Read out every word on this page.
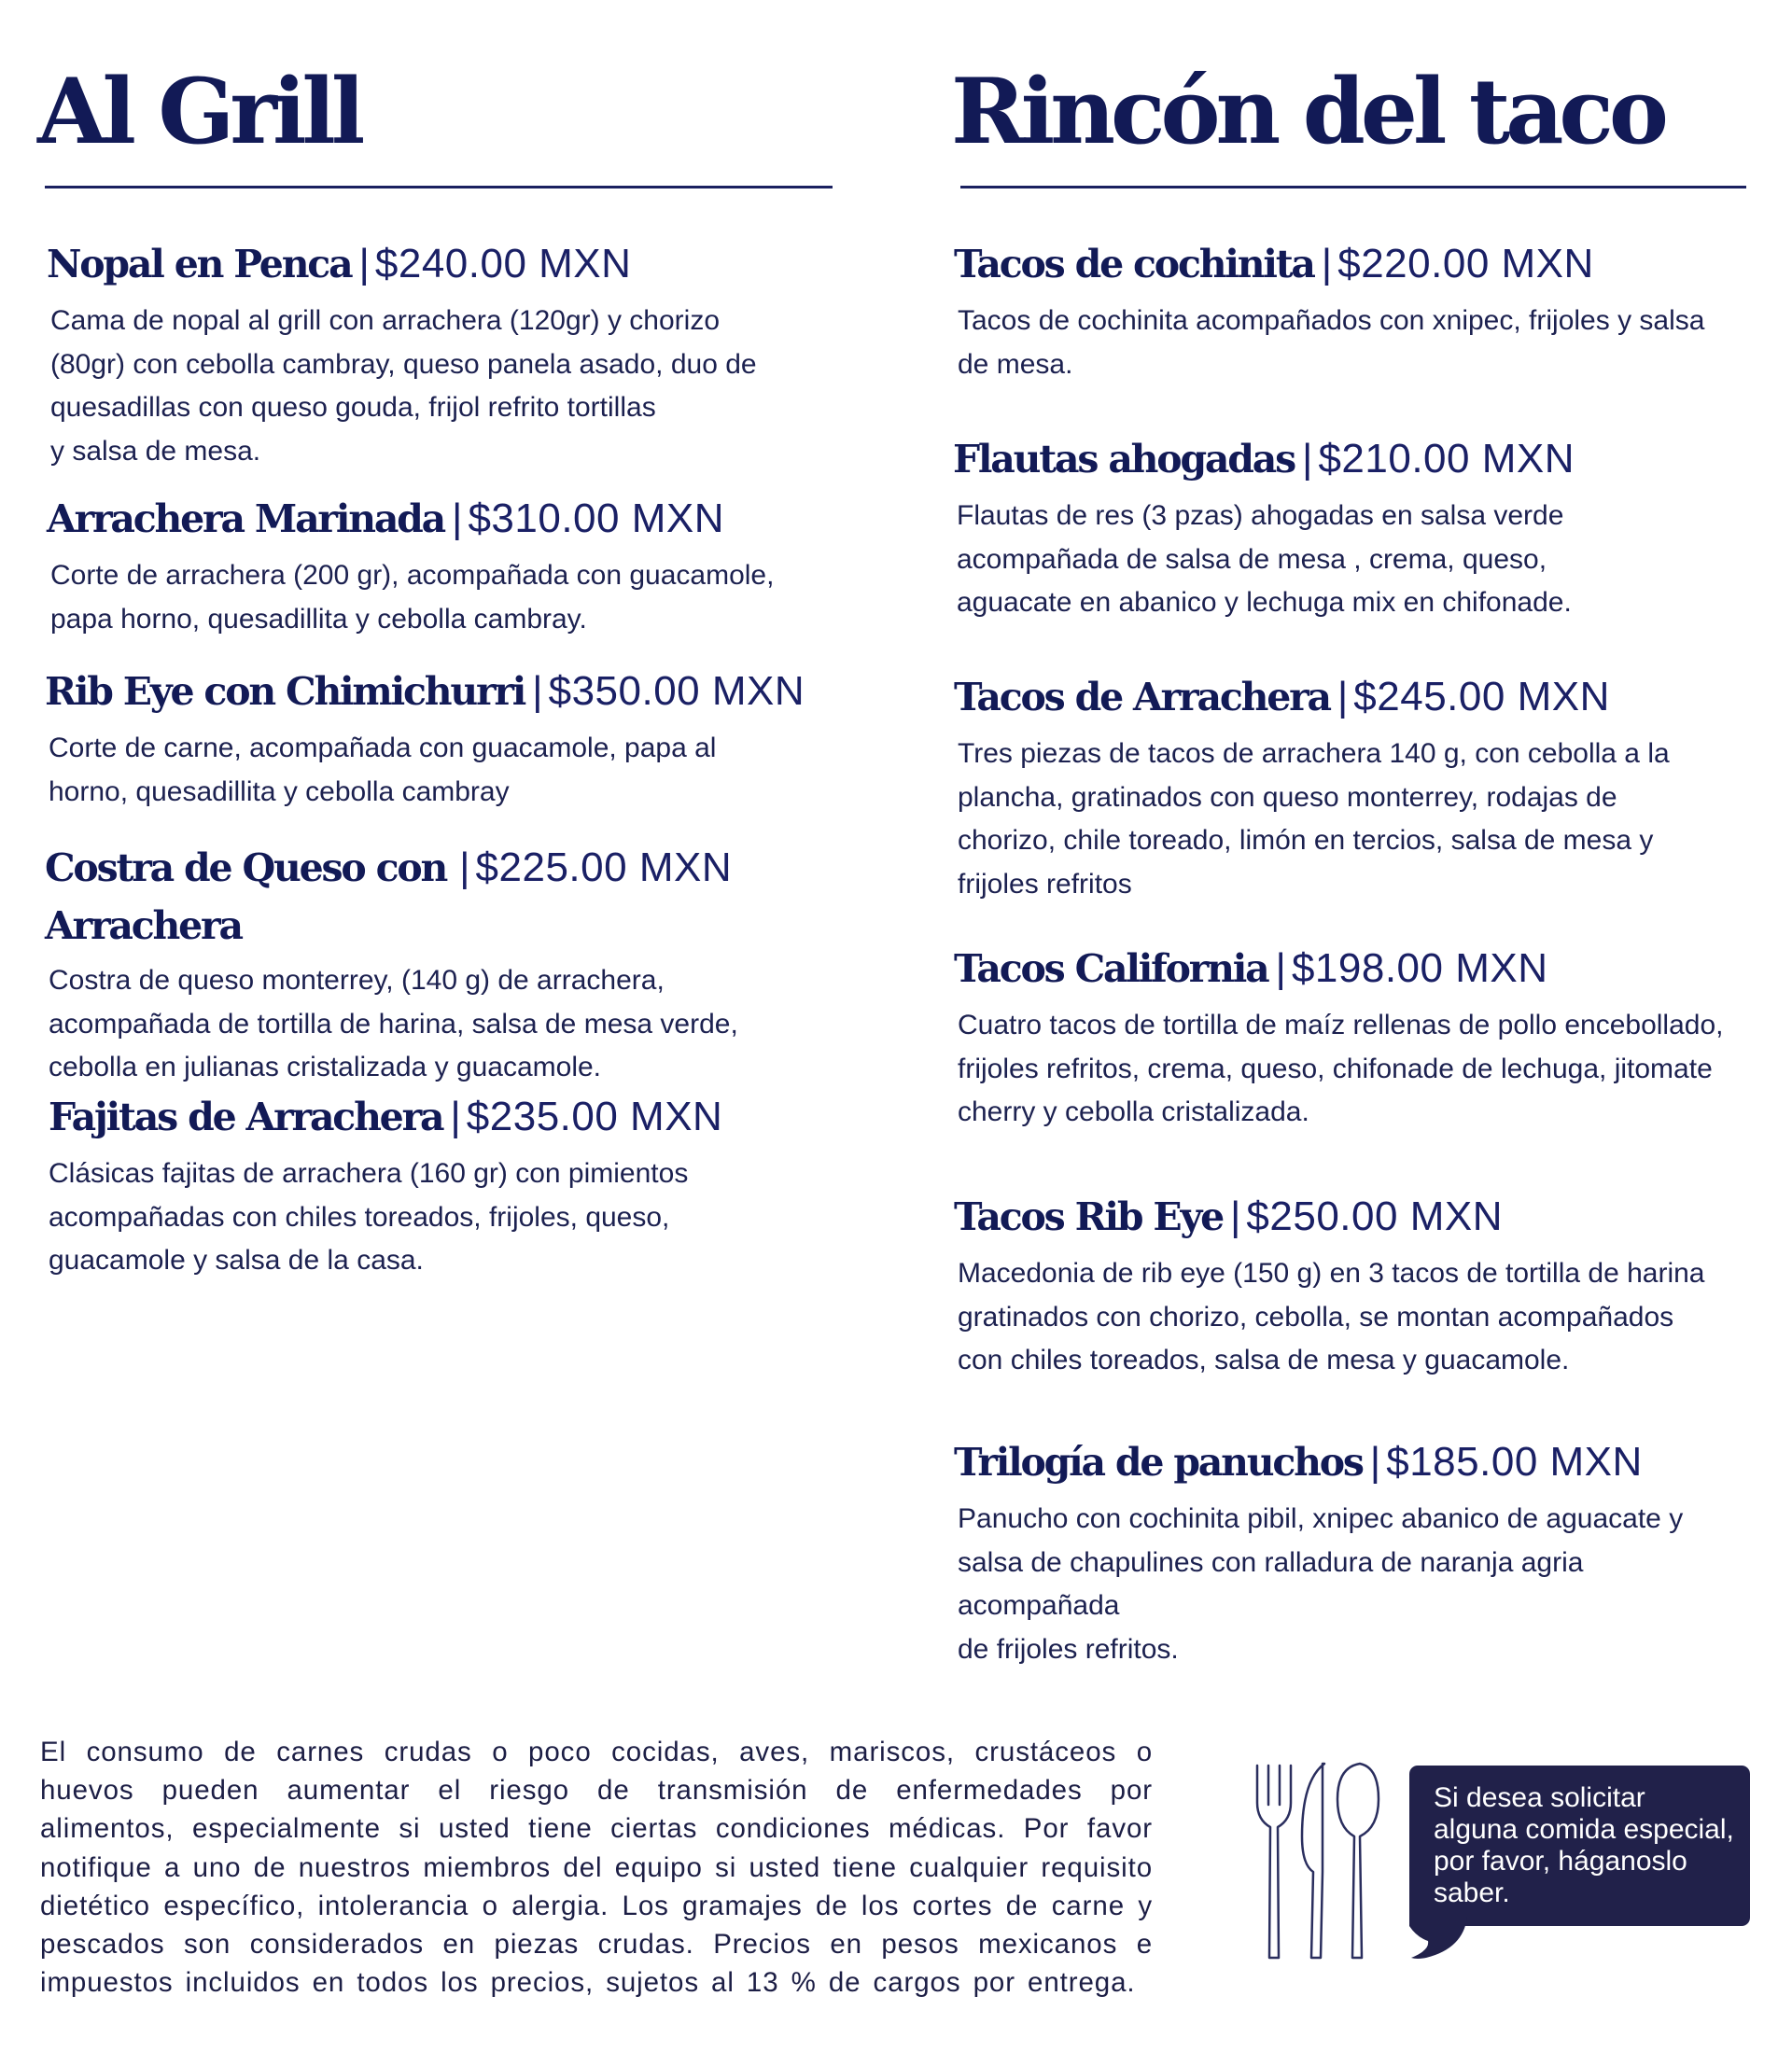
Al Grill

Nopal en Penca | $240.00 MXN

Cama de nopal al grill con arrachera (120gr) y chorizo
(80gr) con cebolla cambray, queso panela asado, duo de
quesadillas con queso gouda, frijol refrito tortillas
y salsa de mesa.

Arrachera Marinada | $310.00 MXN

Corte de arrachera (200 gr), acompañada con guacamole,
papa horno, quesadillita y cebolla cambray.

Rib Eye con Chimichurri | $350.00 MXN

Corte de carne, acompañada con guacamole, papa al
horno, quesadillita y cebolla cambray

Costra de Queso con | $225.00 MXN
Arrachera

Costra de queso monterrey, (140 g) de arrachera,
acompañada de tortilla de harina, salsa de mesa verde,
cebolla en julianas cristalizada y guacamole.

Fajitas de Arrachera | $235.00 MXN

Clásicas fajitas de arrachera (160 gr) con pimientos
acompañadas con chiles toreados, frijoles, queso,
guacamole y salsa de la casa.

Rincón del taco

Tacos de cochinita | $220.00 MXN

Tacos de cochinita acompañados con xnipec, frijoles y salsa
de mesa.

Flautas ahogadas | $210.00 MXN

Flautas de res (3 pzas) ahogadas en salsa verde
acompañada de salsa de mesa , crema, queso,
aguacate en abanico y lechuga mix en chifonade.

Tacos de Arrachera | $245.00 MXN

Tres piezas de tacos de arrachera 140 g, con cebolla a la
plancha, gratinados con queso monterrey, rodajas de
chorizo, chile toreado, limón en tercios, salsa de mesa y
frijoles refritos

Tacos California | $198.00 MXN

Cuatro tacos de tortilla de maíz rellenas de pollo encebollado,
frijoles refritos, crema, queso, chifonade de lechuga, jitomate
cherry y cebolla cristalizada.

Tacos Rib Eye | $250.00 MXN

Macedonia de rib eye (150 g) en 3 tacos de tortilla de harina
gratinados con chorizo, cebolla, se montan acompañados
con chiles toreados, salsa de mesa y guacamole.

Trilogía de panuchos | $185.00 MXN

Panucho con cochinita pibil, xnipec abanico de aguacate y
salsa de chapulines con ralladura de naranja agria acompañada
de frijoles refritos.

El consumo de carnes crudas o poco cocidas, aves, mariscos, crustáceos o huevos pueden aumentar el riesgo de transmisión de enfermedades por alimentos, especialmente si usted tiene ciertas condiciones médicas. Por favor notifique a uno de nuestros miembros del equipo si usted tiene cualquier requisito dietético específico, intolerancia o alergia. Los gramajes de los cortes de carne y pescados son considerados en piezas crudas. Precios en pesos mexicanos e impuestos incluidos en todos los precios, sujetos al 13 % de cargos por entrega.

Si desea solicitar
alguna comida especial,
por favor, háganoslo
saber.
